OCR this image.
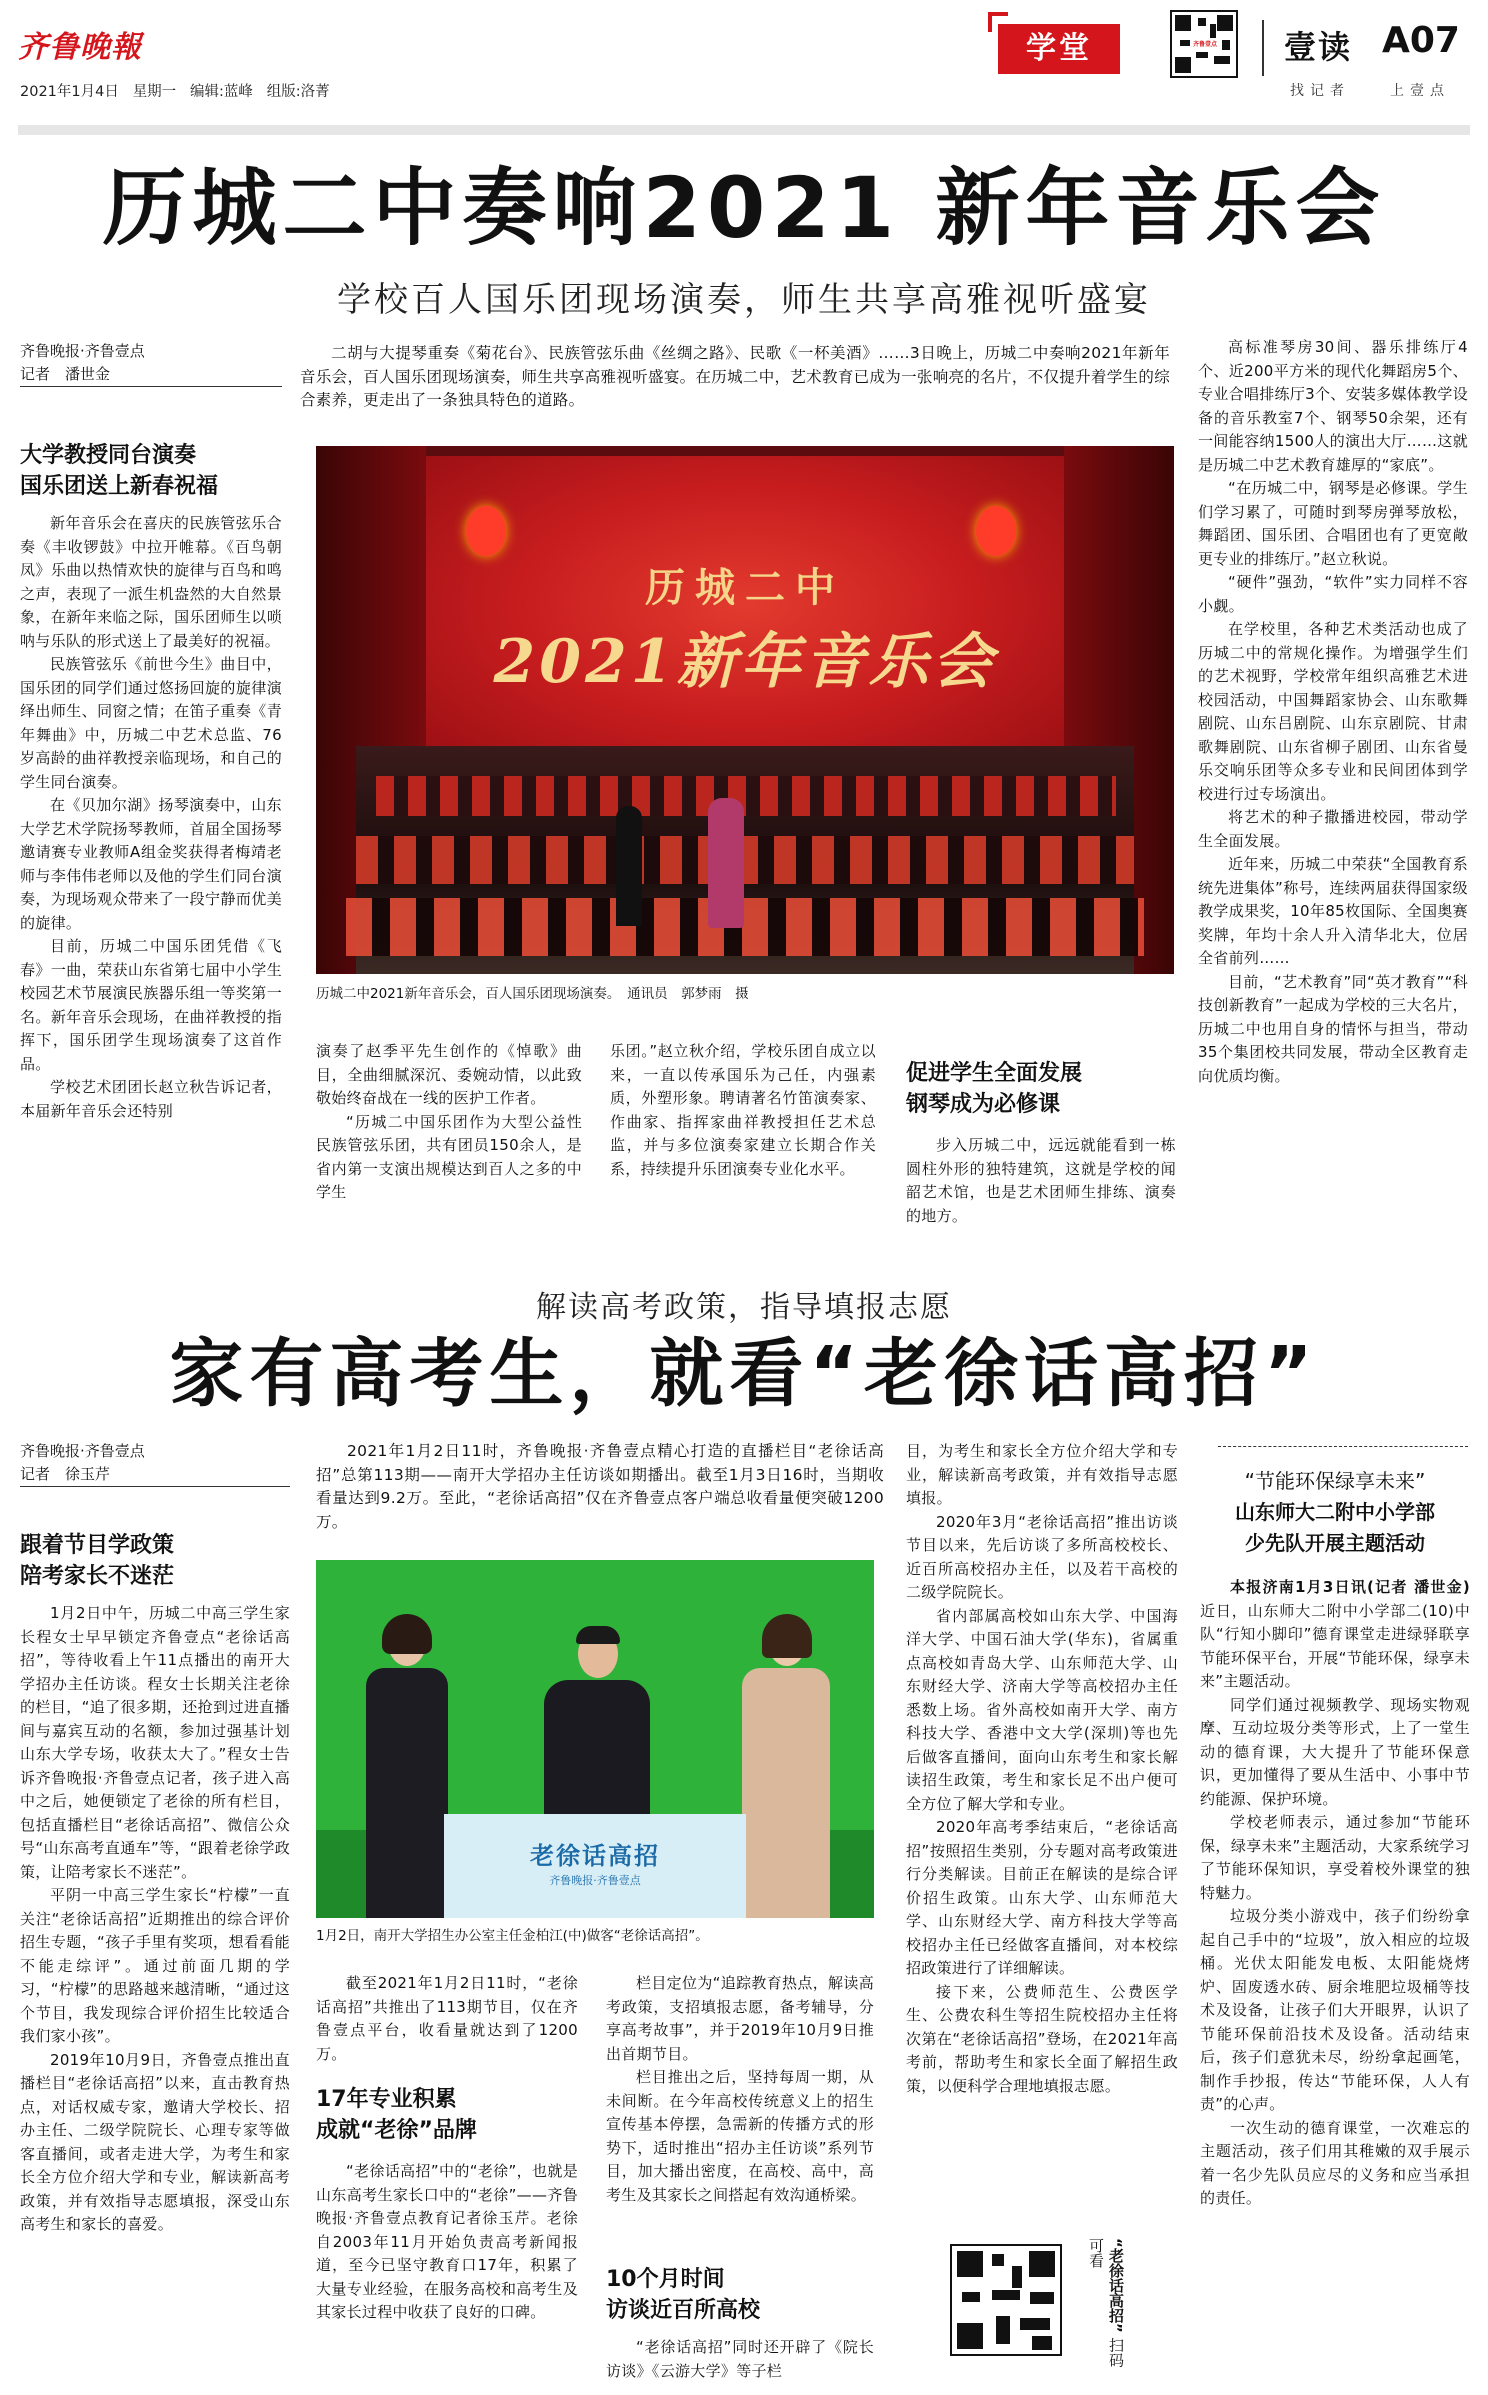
齐鲁晚報
2021年1月4日 星期一 编辑:蓝峰 组版:洛菁
学堂	齐鲁壹点 壹读 A07
找记者	上壹点
历城二中奏响2021 新年音乐会
学校百人国乐团现场演奏，师生共享高雅视听盛宴
齐鲁晚报·齐鲁壹点

记者　潘世金
大学教授同台演奏
国乐团送上新春祝福

新年音乐会在喜庆的民族管弦乐合奏《丰收锣鼓》中拉开帷幕。《百鸟朝凤》乐曲以热情欢快的旋律与百鸟和鸣之声，表现了一派生机盎然的大自然景象，在新年来临之际，国乐团师生以唢呐与乐队的形式送上了最美好的祝福。

民族管弦乐《前世今生》曲目中，国乐团的同学们通过悠扬回旋的旋律演绎出师生、同窗之情；在笛子重奏《青年舞曲》中，历城二中艺术总监、76岁高龄的曲祥教授亲临现场，和自己的学生同台演奏。

在《贝加尔湖》扬琴演奏中，山东大学艺术学院扬琴教师，首届全国扬琴邀请赛专业教师A组金奖获得者梅靖老师与李伟伟老师以及他的学生们同台演奏，为现场观众带来了一段宁静而优美的旋律。

目前，历城二中国乐团凭借《飞春》一曲，荣获山东省第七届中小学生校园艺术节展演民族器乐组一等奖第一名。新年音乐会现场，在曲祥教授的指挥下，国乐团学生现场演奏了这首作品。

学校艺术团团长赵立秋告诉记者，本届新年音乐会还特别

二胡与大提琴重奏《菊花台》、民族管弦乐曲《丝绸之路》、民歌《一杯美酒》……3日晚上，历城二中奏响2021年新年音乐会，百人国乐团现场演奏，师生共享高雅视听盛宴。在历城二中，艺术教育已成为一张响亮的名片，不仅提升着学生的综合素养，更走出了一条独具特色的道路。

历城二中
2021新年音乐会
历城二中2021新年音乐会，百人国乐团现场演奏。　通讯员　郭梦雨　摄

演奏了赵季平先生创作的《悼歌》曲目，全曲细腻深沉、委婉动情，以此致敬始终奋战在一线的医护工作者。

“历城二中国乐团作为大型公益性民族管弦乐团，共有团员150余人，是省内第一支演出规模达到百人之多的中学生

乐团。”赵立秋介绍，学校乐团自成立以来，一直以传承国乐为己任，内强素质，外塑形象。聘请著名竹笛演奏家、作曲家、指挥家曲祥教授担任艺术总监，并与多位演奏家建立长期合作关系，持续提升乐团演奏专业化水平。

促进学生全面发展
钢琴成为必修课

步入历城二中，远远就能看到一栋圆柱外形的独特建筑，这就是学校的闻韶艺术馆，也是艺术团师生排练、演奏的地方。

高标准琴房30间、器乐排练厅4个、近200平方米的现代化舞蹈房5个、专业合唱排练厅3个、安装多媒体教学设备的音乐教室7个、钢琴50余架，还有一间能容纳1500人的演出大厅……这就是历城二中艺术教育雄厚的“家底”。

“在历城二中，钢琴是必修课。学生们学习累了，可随时到琴房弹琴放松，舞蹈团、国乐团、合唱团也有了更宽敞更专业的排练厅。”赵立秋说。

“硬件”强劲，“软件”实力同样不容小觑。

在学校里，各种艺术类活动也成了历城二中的常规化操作。为增强学生们的艺术视野，学校常年组织高雅艺术进校园活动，中国舞蹈家协会、山东歌舞剧院、山东吕剧院、山东京剧院、甘肃歌舞剧院、山东省柳子剧团、山东省曼乐交响乐团等众多专业和民间团体到学校进行过专场演出。

将艺术的种子撒播进校园，带动学生全面发展。

近年来，历城二中荣获“全国教育系统先进集体”称号，连续两届获得国家级教学成果奖，10年85枚国际、全国奥赛奖牌，年均十余人升入清华北大，位居全省前列……

目前，“艺术教育”同“英才教育”“科技创新教育”一起成为学校的三大名片，历城二中也用自身的情怀与担当，带动35个集团校共同发展，带动全区教育走向优质均衡。

解读高考政策，指导填报志愿
家有高考生，就看“老徐话高招”
齐鲁晚报·齐鲁壹点

记者　徐玉芹
跟着节目学政策
陪考家长不迷茫

1月2日中午，历城二中高三学生家长程女士早早锁定齐鲁壹点“老徐话高招”，等待收看上午11点播出的南开大学招办主任访谈。程女士长期关注老徐的栏目，“追了很多期，还抢到过进直播间与嘉宾互动的名额，参加过强基计划山东大学专场，收获太大了。”程女士告诉齐鲁晚报·齐鲁壹点记者，孩子进入高中之后，她便锁定了老徐的所有栏目，包括直播栏目“老徐话高招”、微信公众号“山东高考直通车”等，“跟着老徐学政策，让陪考家长不迷茫”。

平阴一中高三学生家长“柠檬”一直关注“老徐话高招”近期推出的综合评价招生专题，“孩子手里有奖项，想看看能不能走综评”。通过前面几期的学习，“柠檬”的思路越来越清晰，“通过这个节目，我发现综合评价招生比较适合我们家小孩”。

2019年10月9日，齐鲁壹点推出直播栏目“老徐话高招”以来，直击教育热点，对话权威专家，邀请大学校长、招办主任、二级学院院长、心理专家等做客直播间，或者走进大学，为考生和家长全方位介绍大学和专业，解读新高考政策，并有效指导志愿填报，深受山东高考生和家长的喜爱。

2021年1月2日11时，齐鲁晚报·齐鲁壹点精心打造的直播栏目“老徐话高招”总第113期——南开大学招办主任访谈如期播出。截至1月3日16时，当期收看量达到9.2万。至此，“老徐话高招”仅在齐鲁壹点客户端总收看量便突破1200万。

老徐话高招
齐鲁晚报·齐鲁壹点
1月2日，南开大学招生办公室主任金柏江(中)做客“老徐话高招”。

截至2021年1月2日11时，“老徐话高招”共推出了113期节目，仅在齐鲁壹点平台，收看量就达到了1200万。

17年专业积累
成就“老徐”品牌

“老徐话高招”中的“老徐”，也就是山东高考生家长口中的“老徐”——齐鲁晚报·齐鲁壹点教育记者徐玉芹。老徐自2003年11月开始负责高考新闻报道，至今已坚守教育口17年，积累了大量专业经验，在服务高校和高考生及其家长过程中收获了良好的口碑。

栏目定位为“追踪教育热点，解读高考政策，支招填报志愿，备考辅导，分享高考故事”，并于2019年10月9日推出首期节目。

栏目推出之后，坚持每周一期，从未间断。在今年高校传统意义上的招生宣传基本停摆，急需新的传播方式的形势下，适时推出“招办主任访谈”系列节目，加大播出密度，在高校、高中，高考生及其家长之间搭起有效沟通桥梁。

10个月时间
访谈近百所高校

“老徐话高招”同时还开辟了《院长访谈》《云游大学》等子栏

目，为考生和家长全方位介绍大学和专业，解读新高考政策，并有效指导志愿填报。

2020年3月“老徐话高招”推出访谈节目以来，先后访谈了多所高校校长、近百所高校招办主任，以及若干高校的二级学院院长。

省内部属高校如山东大学、中国海洋大学、中国石油大学(华东)，省属重点高校如青岛大学、山东师范大学、山东财经大学、济南大学等高校招办主任悉数上场。省外高校如南开大学、南方科技大学、香港中文大学(深圳)等也先后做客直播间，面向山东考生和家长解读招生政策，考生和家长足不出户便可全方位了解大学和专业。

2020年高考季结束后，“老徐话高招”按照招生类别，分专题对高考政策进行分类解读。目前正在解读的是综合评价招生政策。山东大学、山东师范大学、山东财经大学、南方科技大学等高校招办主任已经做客直播间，对本校综招政策进行了详细解读。

接下来，公费师范生、公费医学生、公费农科生等招生院校招办主任将次第在“老徐话高招”登场，在2021年高考前，帮助考生和家长全面了解招生政策，以便科学合理地填报志愿。

“老徐话高招” 扫码可看
“节能环保绿享未来”
山东师大二附中小学部
少先队开展主题活动

本报济南1月3日讯(记者 潘世金) 近日，山东师大二附中小学部二(10)中队“行知小脚印”德育课堂走进绿驿联享节能环保平台，开展“节能环保，绿享未来”主题活动。

同学们通过视频教学、现场实物观摩、互动垃圾分类等形式，上了一堂生动的德育课，大大提升了节能环保意识，更加懂得了要从生活中、小事中节约能源、保护环境。

学校老师表示，通过参加“节能环保，绿享未来”主题活动，大家系统学习了节能环保知识，享受着校外课堂的独特魅力。

垃圾分类小游戏中，孩子们纷纷拿起自己手中的“垃圾”，放入相应的垃圾桶。光伏太阳能发电板、太阳能烧烤炉、固废透水砖、厨余堆肥垃圾桶等技术及设备，让孩子们大开眼界，认识了节能环保前沿技术及设备。活动结束后，孩子们意犹未尽，纷纷拿起画笔，制作手抄报，传达“节能环保，人人有责”的心声。

一次生动的德育课堂，一次难忘的主题活动，孩子们用其稚嫩的双手展示着一名少先队员应尽的义务和应当承担的责任。
